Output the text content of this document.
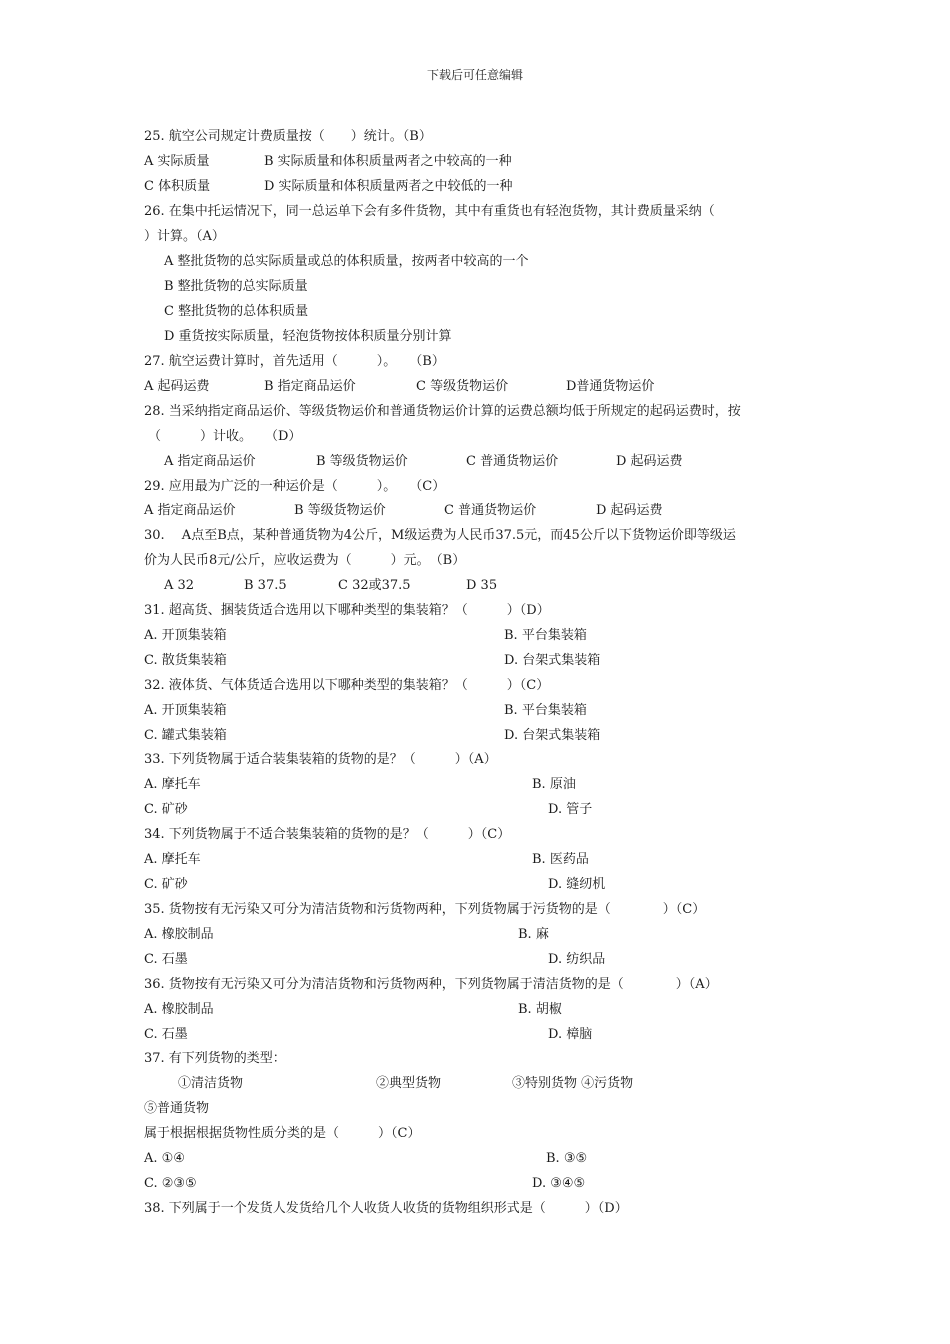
下载后可任意编辑
25. 航空公司规定计费质量按（　　）统计。（B）
A 实际质量	B 实际质量和体积质量两者之中较高的一种
C 体积质量	D 实际质量和体积质量两者之中较低的一种
26. 在集中托运情况下，同一总运单下会有多件货物，其中有重货也有轻泡货物，其计费质量采纳（
）计算。（A）
A 整批货物的总实际质量或总的体积质量，按两者中较高的一个
B 整批货物的总实际质量
C 整批货物的总体积质量
D 重货按实际质量，轻泡货物按体积质量分别计算
27. 航空运费计算时，首先适用（　　　）。　　（B）
A 起码运费	B 指定商品运价	C 等级货物运价	D普通货物运价
28. 当采纳指定商品运价、等级货物运价和普通货物运价计算的运费总额均低于所规定的起码运费时，按
（　　　）计收。　　（D）
A 指定商品运价	B 等级货物运价	C 普通货物运价	D 起码运费
29. 应用最为广泛的一种运价是（　　　）。　　（C）
A 指定商品运价	B 等级货物运价	C 普通货物运价	D 起码运费
30.　 A点至B点，某种普通货物为4公斤，M级运费为人民币37.5元，而45公斤以下货物运价即等级运
价为人民币8元/公斤，应收运费为（　　　）元。　（B）
A 32	B 37.5	C 32或37.5	D 35
31. 超高货、捆装货适合选用以下哪种类型的集装箱？（　　　）（D）
A. 开顶集装箱	B. 平台集装箱
C. 散货集装箱	D. 台架式集装箱
32. 液体货、气体货适合选用以下哪种类型的集装箱？（　　　）（C）
A. 开顶集装箱	B. 平台集装箱
C. 罐式集装箱	D. 台架式集装箱
33. 下列货物属于适合装集装箱的货物的是？（　　　）（A）
A. 摩托车	B. 原油
C. 矿砂	D. 管子
34. 下列货物属于不适合装集装箱的货物的是？（　　　）（C）
A. 摩托车	B. 医药品
C. 矿砂	D. 缝纫机
35. 货物按有无污染又可分为清洁货物和污货物两种，下列货物属于污货物的是（　　　　）（C）
A. 橡胶制品	B. 麻
C. 石墨	D. 纺织品
36. 货物按有无污染又可分为清洁货物和污货物两种，下列货物属于清洁货物的是（　　　　）（A）
A. 橡胶制品	B. 胡椒
C. 石墨	D. 樟脑
37. 有下列货物的类型：
①清洁货物	②典型货物	③特别货物 ④污货物
⑤普通货物
属于根据根据货物性质分类的是（　　　）（C）
A. ①④	B. ③⑤
C. ②③⑤	D. ③④⑤
38. 下列属于一个发货人发货给几个人收货人收货的货物组织形式是（　　　）（D）
